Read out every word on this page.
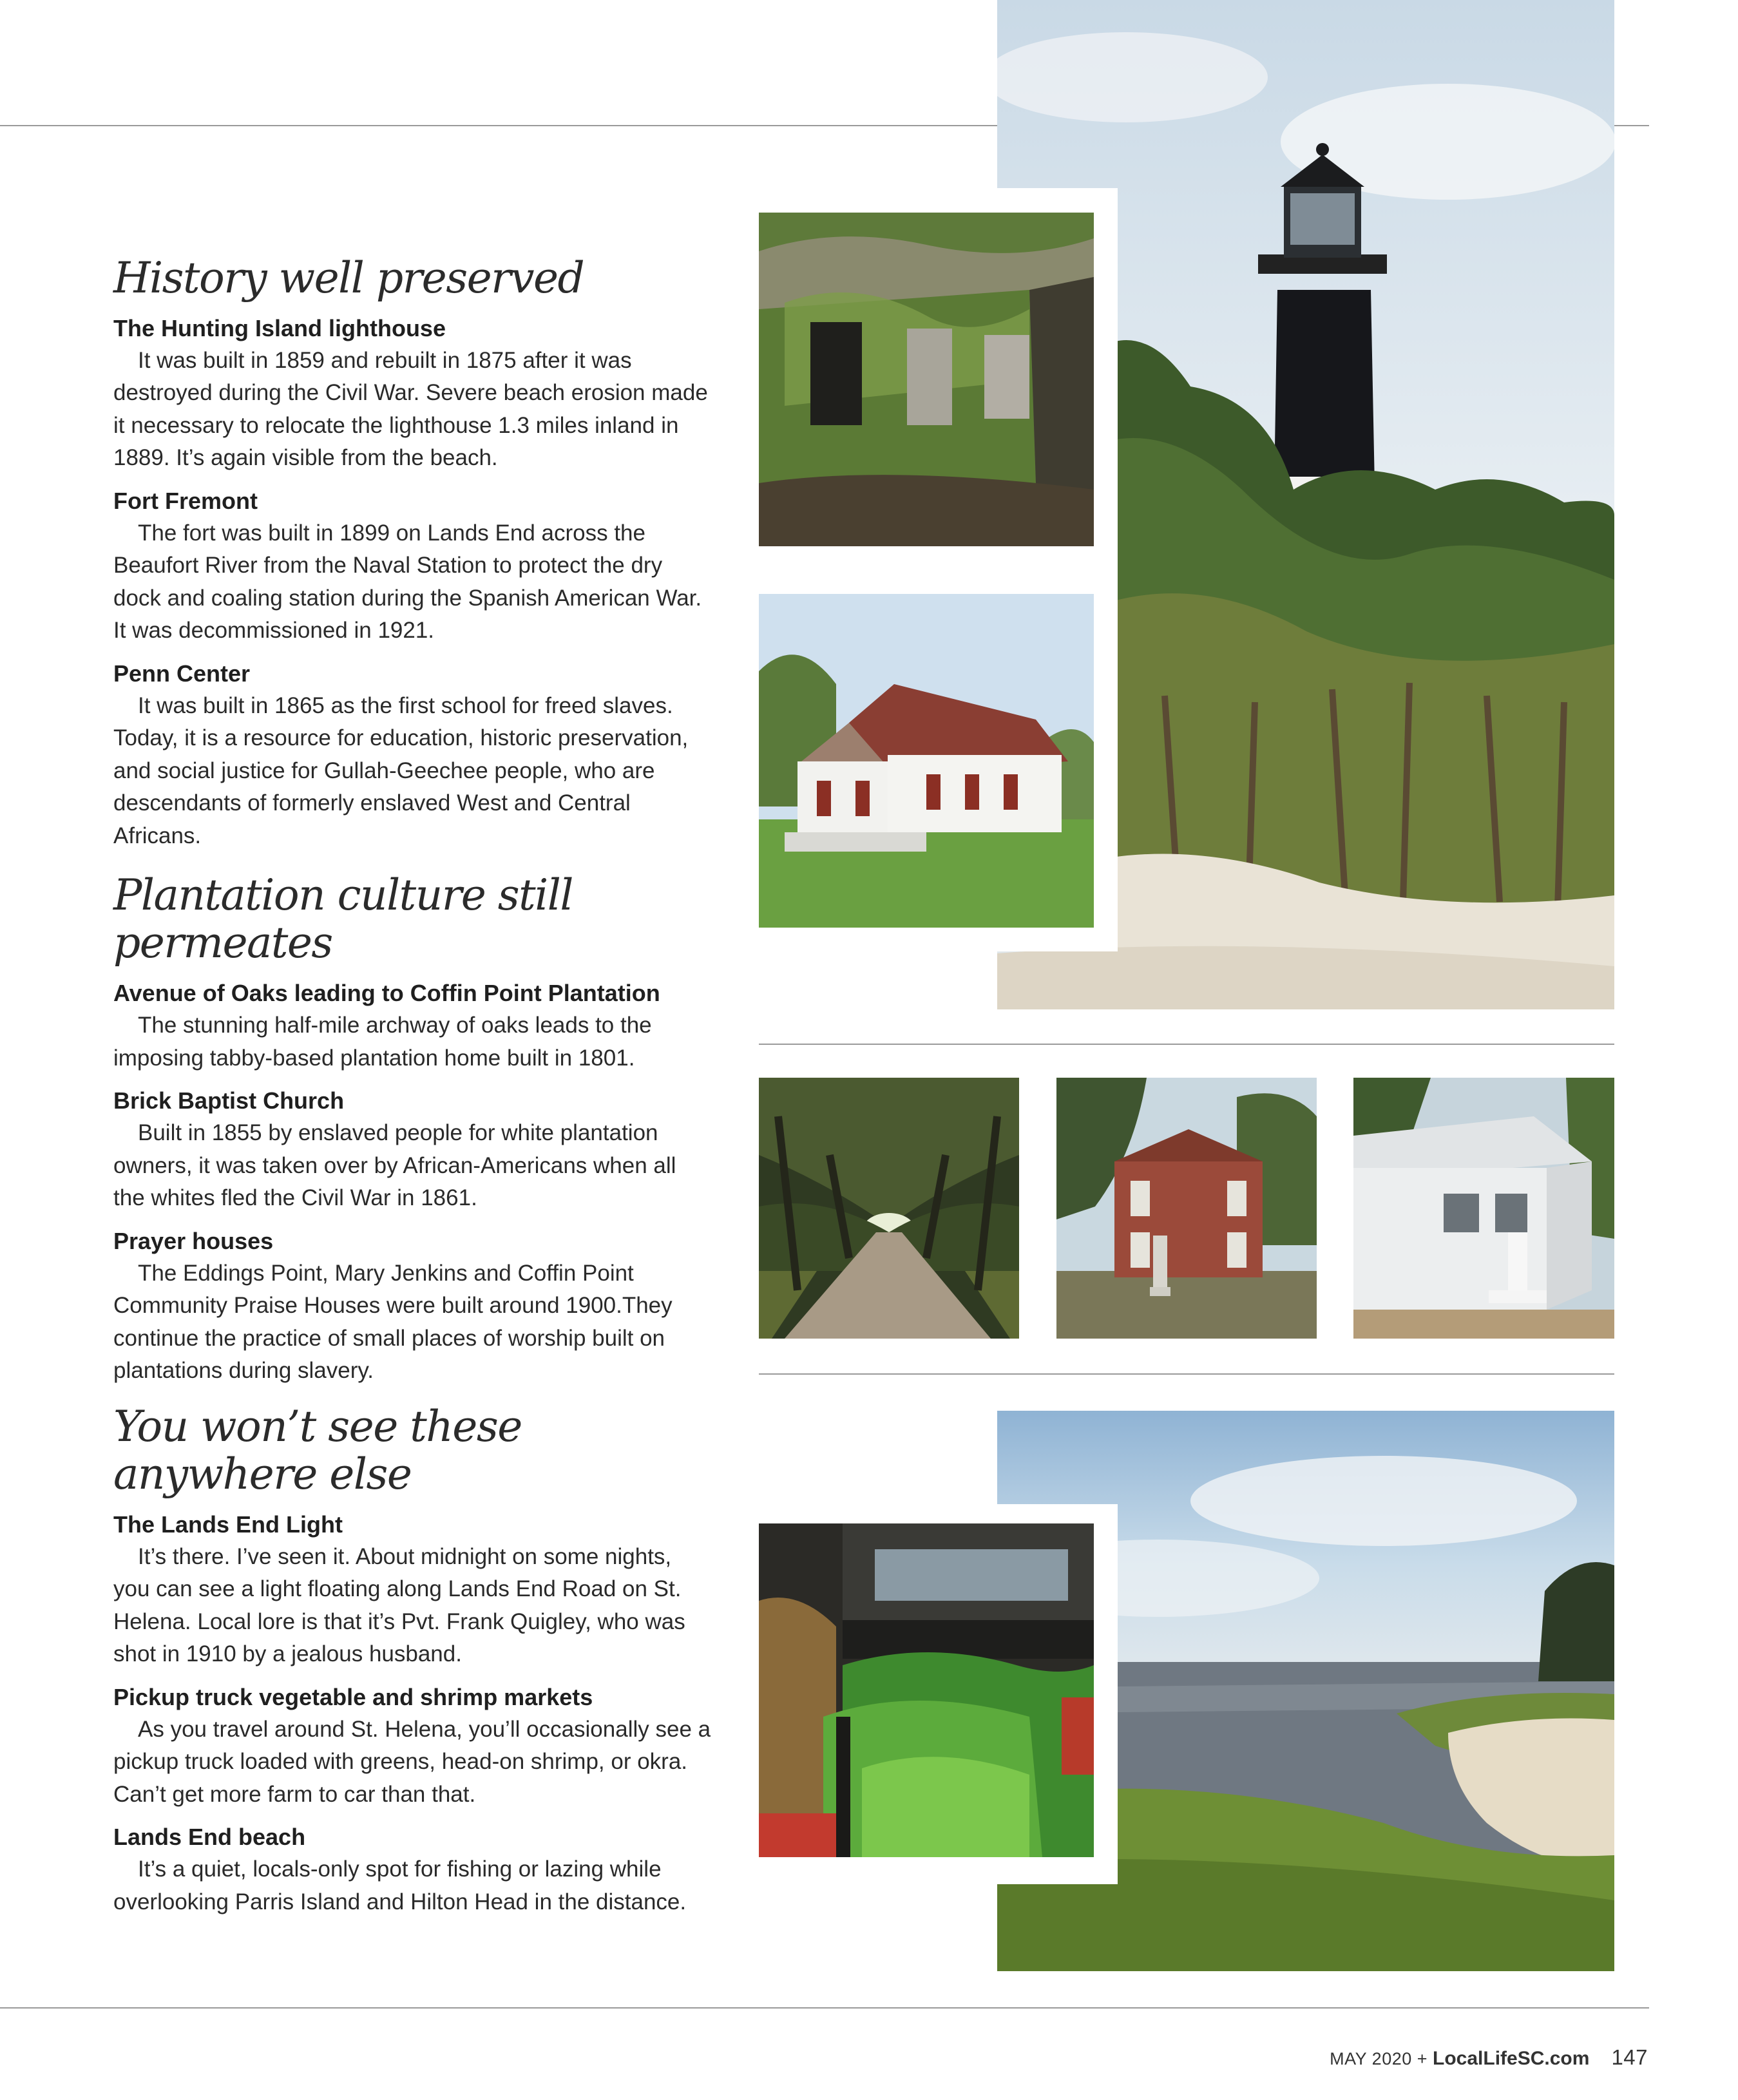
History well preserved

The Hunting Island lighthouse

It was built in 1859 and rebuilt in 1875 after it was destroyed during the Civil War. Severe beach erosion made it necessary to relocate the lighthouse 1.3 miles inland in 1889. It’s again visible from the beach.

Fort Fremont

The fort was built in 1899 on Lands End across the Beaufort River from the Naval Station to protect the dry dock and coaling station during the Spanish American War. It was decommissioned in 1921.

Penn Center

It was built in 1865 as the first school for freed slaves. Today, it is a resource for education, historic preservation, and social justice for Gullah-Geechee people, who are descendants of formerly enslaved West and Central Africans.

Plantation culture still permeates

Avenue of Oaks leading to Coffin Point Plantation

The stunning half-mile archway of oaks leads to the imposing tabby-based plantation home built in 1801.

Brick Baptist Church

Built in 1855 by enslaved people for white plantation owners, it was taken over by African-Americans when all the whites fled the Civil War in 1861.

Prayer houses

The Eddings Point, Mary Jenkins and Coffin Point Community Praise Houses were built around 1900.They continue the practice of small places of worship built on plantations during slavery.

You won’t see these anywhere else

The Lands End Light

It’s there. I’ve seen it. About midnight on some nights, you can see a light floating along Lands End Road on St. Helena. Local lore is that it’s Pvt. Frank Quigley, who was shot in 1910 by a jealous husband.

Pickup truck vegetable and shrimp markets

As you travel around St. Helena, you’ll occasionally see a pickup truck loaded with greens, head-on shrimp, or okra. Can’t get more farm to car than that.

Lands End beach

It’s a quiet, locals-only spot for fishing or lazing while overlooking Parris Island and Hilton Head in the distance.

MAY 2020 + LocalLifeSC.com 147
